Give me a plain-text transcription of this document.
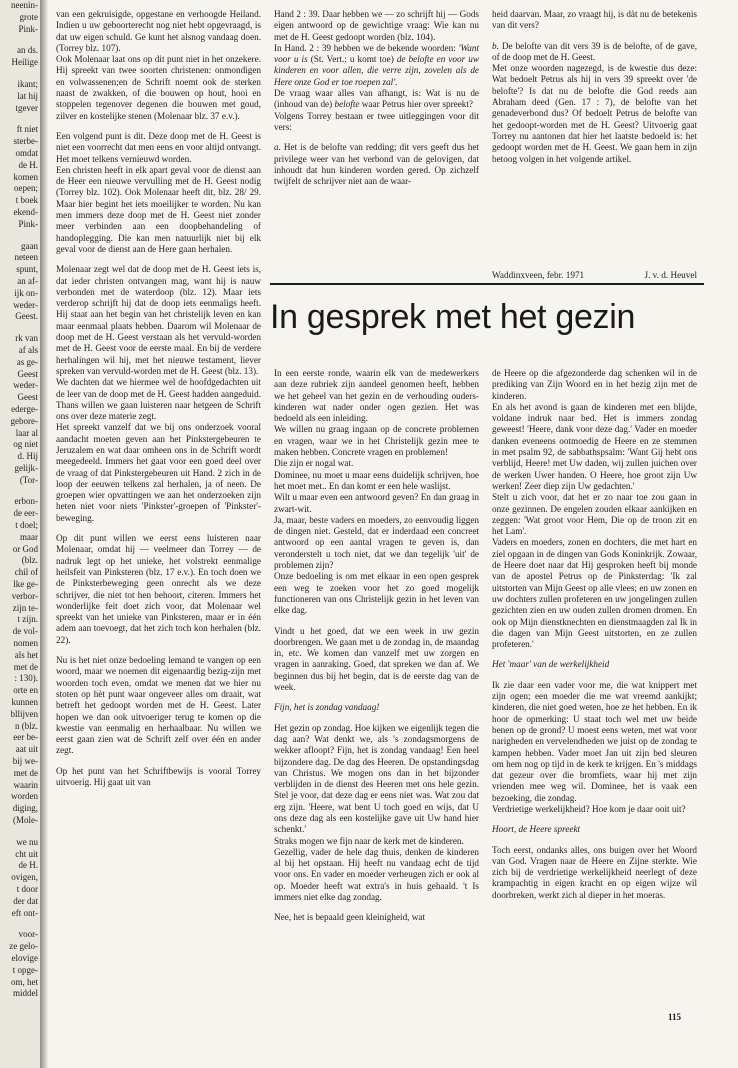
neenin-
grote
Pink-
an ds.
Heilige
ikant;
lat hij
tgever
ft niet
sterbe-
omdat
de H.
komen
oepen;
t boek
ekend-
Pink-
gaan
neteen
spunt,
an af-
ijk on-
weder-
Geest.
rk van
af als
as ge-
Geest
weder-
Geest
ederge-
gebore-
laar al
og niet
d. Hij
gelijk-
(Tor-
erbon-
de eer-
t doel;
maar
or God
(blz.
chil of
lke ge-
verbor-
zijn te-
t zijn.
de vol-
nomen
als het
met de
: 130).
orte en
kunnen
bllijven
n (blz.
eer be-
aat uit
bij we-
met de
waarin
worden
diging,
(Mole-
we nu
cht uit
de H.
ovigen,
t door
der dat
eft ont-
voor-
ze gelo-
elovige
t opge-
om, het
middel

van een gekruisigde, opgestane en verhoogde Heiland. Indien u uw geboorterecht nog niet hebt opgevraagd, is dat uw eigen schuld. Ge kunt het alsnog vandaag doen. (Torrey blz. 107).

Ook Molenaar laat ons op dit punt niet in het onzekere. Hij spreekt van twee soorten christenen: onmondigen en volwassenen;en de Schrift noemt ook de sterken naast de zwakken, of die bouwen op hout, hooi en stoppelen tegenover degenen die bouwen met goud, zilver en kostelijke stenen (Molenaar blz. 37 e.v.).

Een volgend punt is dit. Deze doop met de H. Geest is niet een voorrecht dat men eens en voor altijd ontvangt. Het moet telkens vernieuwd worden.

Een christen heeft in elk apart geval voor de dienst aan de Heer een nieuwe vervulling met de H. Geest nodig (Torrey blz. 102). Ook Molenaar heeft dit, blz. 28/ 29. Maar hier begint het iets moeilijker te worden. Nu kan men immers deze doop met de H. Geest niet zonder meer verbinden aan een doopbehandeling of handoplegging. Die kan men natuurlijk niet bij elk geval voor de dienst aan de Here gaan herhalen.

Molenaar zegt wel dat de doop met de H. Geest iets is, dat ieder christen ontvangen mag, want hij is nauw verbonden met de waterdoop (blz. 12). Maar iets verderop schrijft hij dat de doop iets eenmaligs heeft. Hij staat aan het begin van het christelijk leven en kan maar eenmaal plaats hebben. Daarom wil Molenaar de doop met de H. Geest verstaan als het vervuld-worden met de H. Geest voor de eerste maal. En bij de verdere herhalingen wil hij, met het nieuwe testament, liever spreken van vervuld-worden met de H. Geest (blz. 13).

We dachten dat we hiermee wel de hoofdgedachten uit de leer van de doop met de H. Geest hadden aangeduid. Thans willen we gaan luisteren naar hetgeen de Schrift ons over deze materie zegt.

Het spreekt vanzelf dat we bij ons onderzoek vooral aandacht moeten geven aan het Pinkstergebeuren te Jeruzalem en wat daar omheen ons in de Schrift wordt meegedeeld. Immers het gaat voor een goed deel over de vraag of dat Pinkstergebeuren uit Hand. 2 zich in de loop der eeuwen telkens zal herhalen, ja of neen. De groepen wier opvattingen we aan het onderzoeken zijn heten niet voor niets 'Pinkster'-groepen of 'Pinkster'-beweging.

Op dit punt willen we eerst eens luisteren naar Molenaar, omdat hij — veelmeer dan Torrey — de nadruk legt op het unieke, het volstrekt eenmalige heilsfeit van Pinksteren (blz. 17 e.v.). En toch doen we de Pinksterbeweging geen onrecht als we deze schrijver, die niet tot hen behoort, citeren. Immers het wonderlijke feit doet zich voor, dat Molenaar wel spreekt van het unieke van Pinksteren, maar er in één adem aan toevoegt, dat het zich toch kon herhalen (blz. 22).

Nu is het niet onze bedoeling lemand te vangen op een woord, maar we noemen dit eigenaardig bezig-zijn met woorden toch even, omdat we menen dat we hier nu stoten op hèt punt waar ongeveer alles om draait, wat betreft het gedoopt worden met de H. Geest. Later hopen we dan ook uitvoeriger terug te komen op die kwestie van eenmalig en herhaalbaar. Nu willen we eerst gaan zien wat de Schrift zelf over één en ander zegt.

Op het punt van het Schriftbewijs is vooral Torrey uitvoerig. Hij gaat uit van

Hand 2 : 39. Daar hebben we — zo schrijft hij — Gods eigen antwoord op de gewichtige vraag: Wie kan nu met de H. Geest gedoopt worden (blz. 104).

In Hand. 2 : 39 hebben we de bekende woorden: 'Want voor u is (St. Vert.: u komt toe) de belofte en voor uw kinderen en voor allen, die verre zijn, zovelen als de Here onze God er toe roepen zal'.

De vraag waar alles van afhangt, is: Wat is nu de (inhoud van de) belofte waar Petrus hier over spreekt?

Volgens Torrey bestaan er twee uitleggingen voor dit vers:

a. Het is de belofte van redding; dit vers geeft dus het privilege weer van het verbond van de gelovigen, dat inhoudt dat hun kinderen worden gered. Op zichzelf twijfelt de schrijver niet aan de waar-

heid daarvan. Maar, zo vraagt hij, is dàt nu de betekenis van dit vers?

b. De belofte van dit vers 39 is de belofte, of de gave, of de doop met de H. Geest.

Met onze woorden nagezegd, is de kwestie dus deze: Wat bedoelt Petrus als hij in vers 39 spreekt over 'de belofte'? Is dat nu de belofte die God reeds aan Abraham deed (Gen. 17 : 7), de belofte van het genadeverbond dus? Of bedoelt Petrus de belofte van het gedoopt-worden met de H. Geest? Uitvoerig gaat Torrey nu aantonen dat hier het laatste bedoeld is: het gedoopt worden met de H. Geest. We gaan hem in zijn betoog volgen in het volgende artikel.

Waddinxveen, febr. 1971	J. v. d. Heuvel
In gesprek met het gezin

In een eerste ronde, waarin elk van de medewerkers aan deze rubriek zijn aandeel genomen heeft, hebben we het geheel van het gezin en de verhouding ouders-kinderen wat nader onder ogen gezien. Het was bedoeld als een inleiding.

We willen nu graag ingaan op de concrete problemen en vragen, waar we in het Christelijk gezin mee te maken hebben. Concrete vragen en problemen!

Die zijn er nogal wat.

Dominee, nu moet u maar eens duidelijk schrijven, hoe het moet met.. En dan komt er een hele waslijst.

Wilt u maar even een antwoord geven? En dan graag in zwart-wit.

Ja, maar, beste vaders en moeders, zo eenvoudig liggen de dingen niet. Gesteld, dat er inderdaad een concreet antwoord op een aantal vragen te geven is, dan veronderstelt u toch niet, dat we dan tegelijk 'uit' de problemen zijn?

Onze bedoeling is om met elkaar in een open gesprek een weg te zoeken voor het zo goed mogelijk functioneren van ons Christelijk gezin in het leven van elke dag.

Vindt u het goed, dat we een week in uw gezin doorbrengen. We gaan met u de zondag in, de maandag in, etc. We komen dan vanzelf met uw zorgen en vragen in aanraking. Goed, dat spreken we dan af. We beginnen dus bij het begin, dat is de eerste dag van de week.

Fijn, het is zondag vandaag!

Het gezin op zondag. Hoe kijken we eigenlijk tegen die dag aan? Wat denkt we, als 's zondagsmorgens de wekker afloopt? Fijn, het is zondag vandaag! Een heel bijzondere dag. De dag des Heeren. De opstandingsdag van Christus. We mogen ons dan in het bijzonder verblijden in de dienst des Heeren met ons hele gezin. Stel je voor, dat deze dag er eens niet was. Wat zou dat erg zijn. 'Heere, wat bent U toch goed en wijs, dat U ons deze dag als een kostelijke gave uit Uw hand hier schenkt.'

Straks mogen we fijn naar de kerk met de kinderen.

Gezellig, vader de hele dag thuis, denken de kinderen al bij het opstaan. Hij heeft nu vandaag echt de tijd voor ons. En vader en moeder verheugen zich er ook al op. Moeder heeft wat extra's in huis gehaald. 't Is immers niet elke dag zondag.

Nee, het is bepaald geen kleinigheid, wat

de Heere op die afgezonderde dag schenken wil in de prediking van Zijn Woord en in het bezig zijn met de kinderen.

En als het avond is gaan de kinderen met een blijde, voldane indruk naar bed. Het is immers zondag geweest! 'Heere, dank voor deze dag.' Vader en moeder danken eveneens ootmoedig de Heere en ze stemmen in met psalm 92, de sabbathspsalm: 'Want Gij hebt ons verblijd, Heere! met Uw daden, wij zullen juichen over de werken Uwer handen. O Heere, hoe groot zijn Uw werken! Zeer diep zijn Uw gedachten.'

Stelt u zich voor, dat het er zo naar toe zou gaan in onze gezinnen. De engelen zouden elkaar aankijken en zeggen: 'Wat groot voor Hem, Die op de troon zit en het Lam'.

Vaders en moeders, zonen en dochters, die met hart en ziel opgaan in de dingen van Gods Koninkrijk. Zowaar, de Heere doet naar dat Hij gesproken heeft bij monde van de apostel Petrus op de Pinksterdag: 'Ik zal uitstorten van Mijn Geest op alle vlees; en uw zonen en uw dochters zullen profeteren en uw jongelingen zullen gezichten zien en uw ouden zullen dromen dromen. En ook op Mijn dienstknechten en dienstmaagden zal Ik in die dagen van Mijn Geest uitstorten, en ze zullen profeteren.'

Het 'maar' van de werkelijkheid

Ik zie daar een vader voor me, die wat knippert met zijn ogen; een moeder die me wat vreemd aankijkt; kinderen, die niet goed weten, hoe ze het hebben. En ik hoor de opmerking: U staat toch wel met uw beide benen op de grond? U moest eens weten, met wat voor narigheden en vervelendheden we juist op de zondag te kampen hebben. Vader moet Jan uit zijn bed sleuren om hem nog op tijd in de kerk te krijgen. En 's middags dat gezeur over die bromfiets, waar hij met zijn vrienden mee weg wil. Dominee, het is vaak een bezoeking, die zondag.

Verdrietige werkelijkheid? Hoe kom je daar ooit uit?

Hoort, de Heere spreekt

Toch eerst, ondanks alles, ons buigen over het Woord van God. Vragen naar de Heere en Zijne sterkte. Wie zich bij de verdrietige werkelijkheid neerlegt of deze krampachtig in eigen kracht en op eigen wijze wil doorbreken, werkt zich al dieper in het moeras.

115
